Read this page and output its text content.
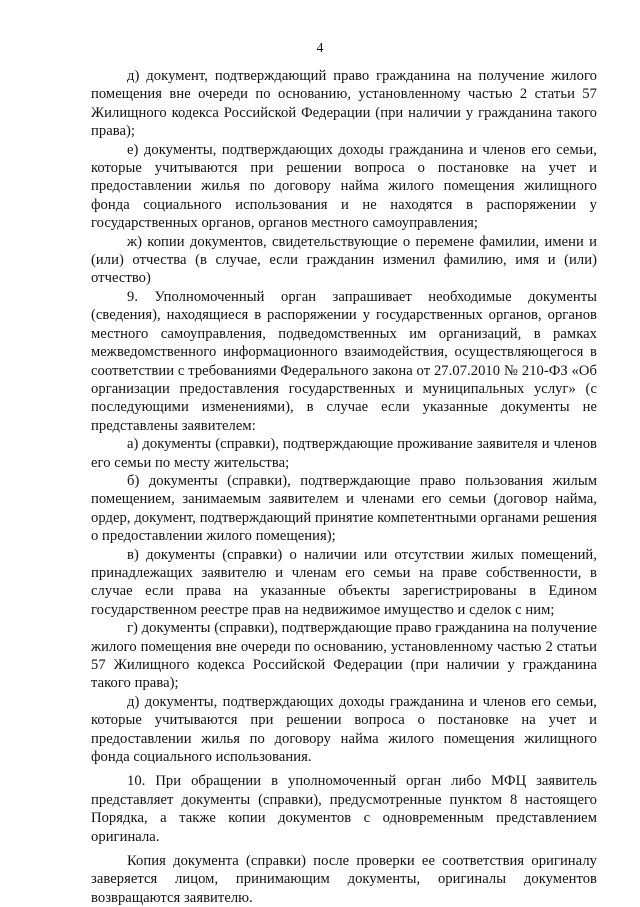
4

д) документ, подтверждающий право гражданина на получение жилого помещения вне очереди по основанию, установленному частью 2 статьи 57 Жилищного кодекса Российской Федерации (при наличии у гражданина такого права);

е) документы, подтверждающих доходы гражданина и членов его семьи, которые учитываются при решении вопроса о постановке на учет и предоставлении жилья по договору найма жилого помещения жилищного фонда социального использования и не находятся в распоряжении у государственных органов, органов местного самоуправления;

ж) копии документов, свидетельствующие о перемене фамилии, имени и (или) отчества (в случае, если гражданин изменил фамилию, имя и (или) отчество)

9. Уполномоченный орган запрашивает необходимые документы (сведения), находящиеся в распоряжении у государственных органов, органов местного самоуправления, подведомственных им организаций, в рамках межведомственного информационного взаимодействия, осуществляющегося в соответствии с требованиями Федерального закона от 27.07.2010 № 210-ФЗ «Об организации предоставления государственных и муниципальных услуг» (с последующими изменениями), в случае если указанные документы не представлены заявителем:

а) документы (справки), подтверждающие проживание заявителя и членов его семьи по месту жительства;

б) документы (справки), подтверждающие право пользования жилым помещением, занимаемым заявителем и членами его семьи (договор найма, ордер, документ, подтверждающий принятие компетентными органами решения о предоставлении жилого помещения);

в) документы (справки) о наличии или отсутствии жилых помещений, принадлежащих заявителю и членам его семьи на праве собственности, в случае если права на указанные объекты зарегистрированы в Едином государственном реестре прав на недвижимое имущество и сделок с ним;

г) документы (справки), подтверждающие право гражданина на получение жилого помещения вне очереди по основанию, установленному частью 2 статьи 57 Жилищного кодекса Российской Федерации (при наличии у гражданина такого права);

д) документы, подтверждающих доходы гражданина и членов его семьи, которые учитываются при решении вопроса о постановке на учет и предоставлении жилья по договору найма жилого помещения жилищного фонда социального использования.

10. При обращении в уполномоченный орган либо МФЦ заявитель представляет документы (справки), предусмотренные пунктом 8 настоящего Порядка, а также копии документов с одновременным представлением оригинала.

Копия документа (справки) после проверки ее соответствия оригиналу заверяется лицом, принимающим документы, оригиналы документов возвращаются заявителю.
